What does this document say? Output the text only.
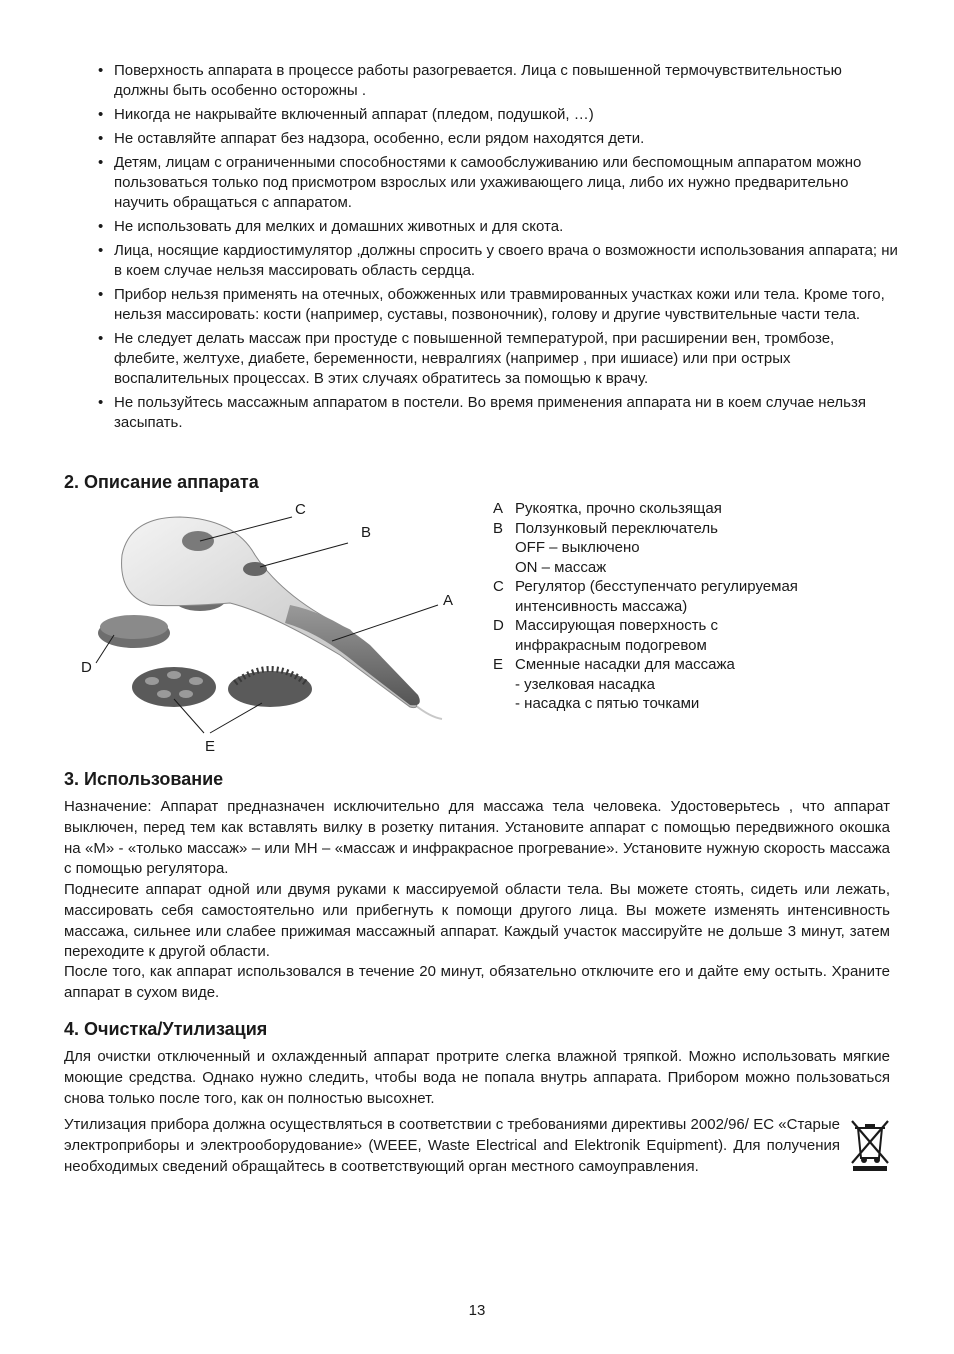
• Поверхность аппарата в процессе работы разогревается. Лица с повышенной термочувствительностью должны быть особенно осторожны .
• Никогда не накрывайте включенный аппарат (пледом, подушкой, …)
• Не оставляйте аппарат без надзора, особенно, если рядом находятся дети.
• Детям, лицам с ограниченными способностями к самообслуживанию или беспомощным аппаратом можно пользоваться только под присмотром взрослых или ухаживающего лица, либо их нужно предварительно научить обращаться с аппаратом.
• Не использовать для мелких и домашних животных и для скота.
• Лица, носящие кардиостимулятор ,должны спросить у своего врача о возможности использования аппарата; ни в коем случае нельзя массировать область сердца.
• Прибор нельзя применять на отечных, обожженных или травмированных участках кожи или тела. Кроме того, нельзя массировать: кости (например, суставы, позвоночник), голову и другие чувствительные части тела.
• Не следует делать массаж при простуде с повышенной температурой, при расширении вен, тромбозе, флебите, желтухе, диабете, беременности, невралгиях (например , при ишиасе) или при острых воспалительных процессах. В этих случаях обратитесь за помощью к врачу.
• Не пользуйтесь массажным аппаратом в постели. Во время применения аппарата ни в коем случае нельзя засыпать.
2. Описание аппарата
C
B
A
D
E
A Рукоятка, прочно скользящая
B Ползунковый переключатель
OFF – выключено
ON – массаж
C Регулятор (бесступенчато регулируемая
интенсивность массажа)
D Массирующая поверхность с
инфракрасным подогревом
E Сменные насадки для массажа
- узелковая насадка
- насадка с пятью точками
3. Использование

Назначение: Аппарат предназначен исключительно для массажа тела человека. Удостоверьтесь , что аппарат выключен, перед тем как вставлять вилку в розетку питания. Установите аппарат с помощью передвижного окошка на «M» - «только массаж» – или МН – «массаж и инфракрасное прогревание». Установите нужную скорость массажа с помощью регулятора.

Поднесите аппарат одной или двумя руками к массируемой области тела. Вы можете стоять, сидеть или лежать, массировать себя самостоятельно или прибегнуть к помощи другого лица. Вы можете изменять интенсивность массажа, сильнее или слабее прижимая массажный аппарат. Каждый участок массируйте не дольше 3 минут, затем переходите к другой области.

После того, как аппарат использовался в течение 20 минут, обязательно отключите его и дайте ему остыть. Храните аппарат в сухом виде.

4. Очистка/Утилизация

Для очистки отключенный и охлажденный аппарат протрите слегка влажной тряпкой. Можно использовать мягкие моющие средства. Однако нужно следить, чтобы вода не попала внутрь аппарата. Прибором можно пользоваться снова только после того, как он полностью высохнет.

Утилизация прибора должна осуществляться в соответствии с требованиями директивы 2002/96/ EC «Старые электроприборы и электрооборудование» (WEEE, Waste Electrical and Elektronik Equipment). Для получения необходимых сведений обращайтесь в соответствующий орган местного самоуправления.

13
